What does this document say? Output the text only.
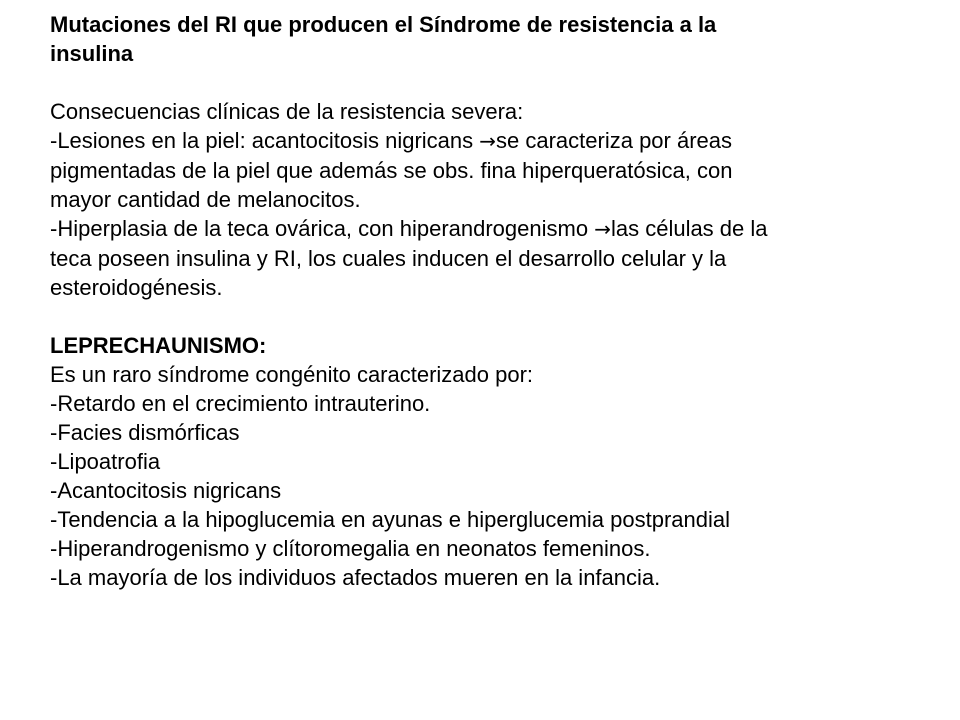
Mutaciones del RI que producen el Síndrome de resistencia a la
insulina
Consecuencias clínicas de la resistencia severa:
-Lesiones en la piel: acantocitosis nigricans →se caracteriza por áreas
pigmentadas de la piel que además se obs. fina hiperqueratósica, con
mayor cantidad de melanocitos.
-Hiperplasia de la teca ovárica, con hiperandrogenismo →las células de la
teca poseen insulina y RI, los cuales inducen el desarrollo celular y la
esteroidogénesis.
LEPRECHAUNISMO:
Es un raro síndrome congénito caracterizado por:
-Retardo en el crecimiento intrauterino.
-Facies dismórficas
-Lipoatrofia
-Acantocitosis nigricans
-Tendencia a la hipoglucemia en ayunas e hiperglucemia postprandial
-Hiperandrogenismo y clítoromegalia en neonatos femeninos.
-La mayoría de los individuos afectados mueren en la infancia.
